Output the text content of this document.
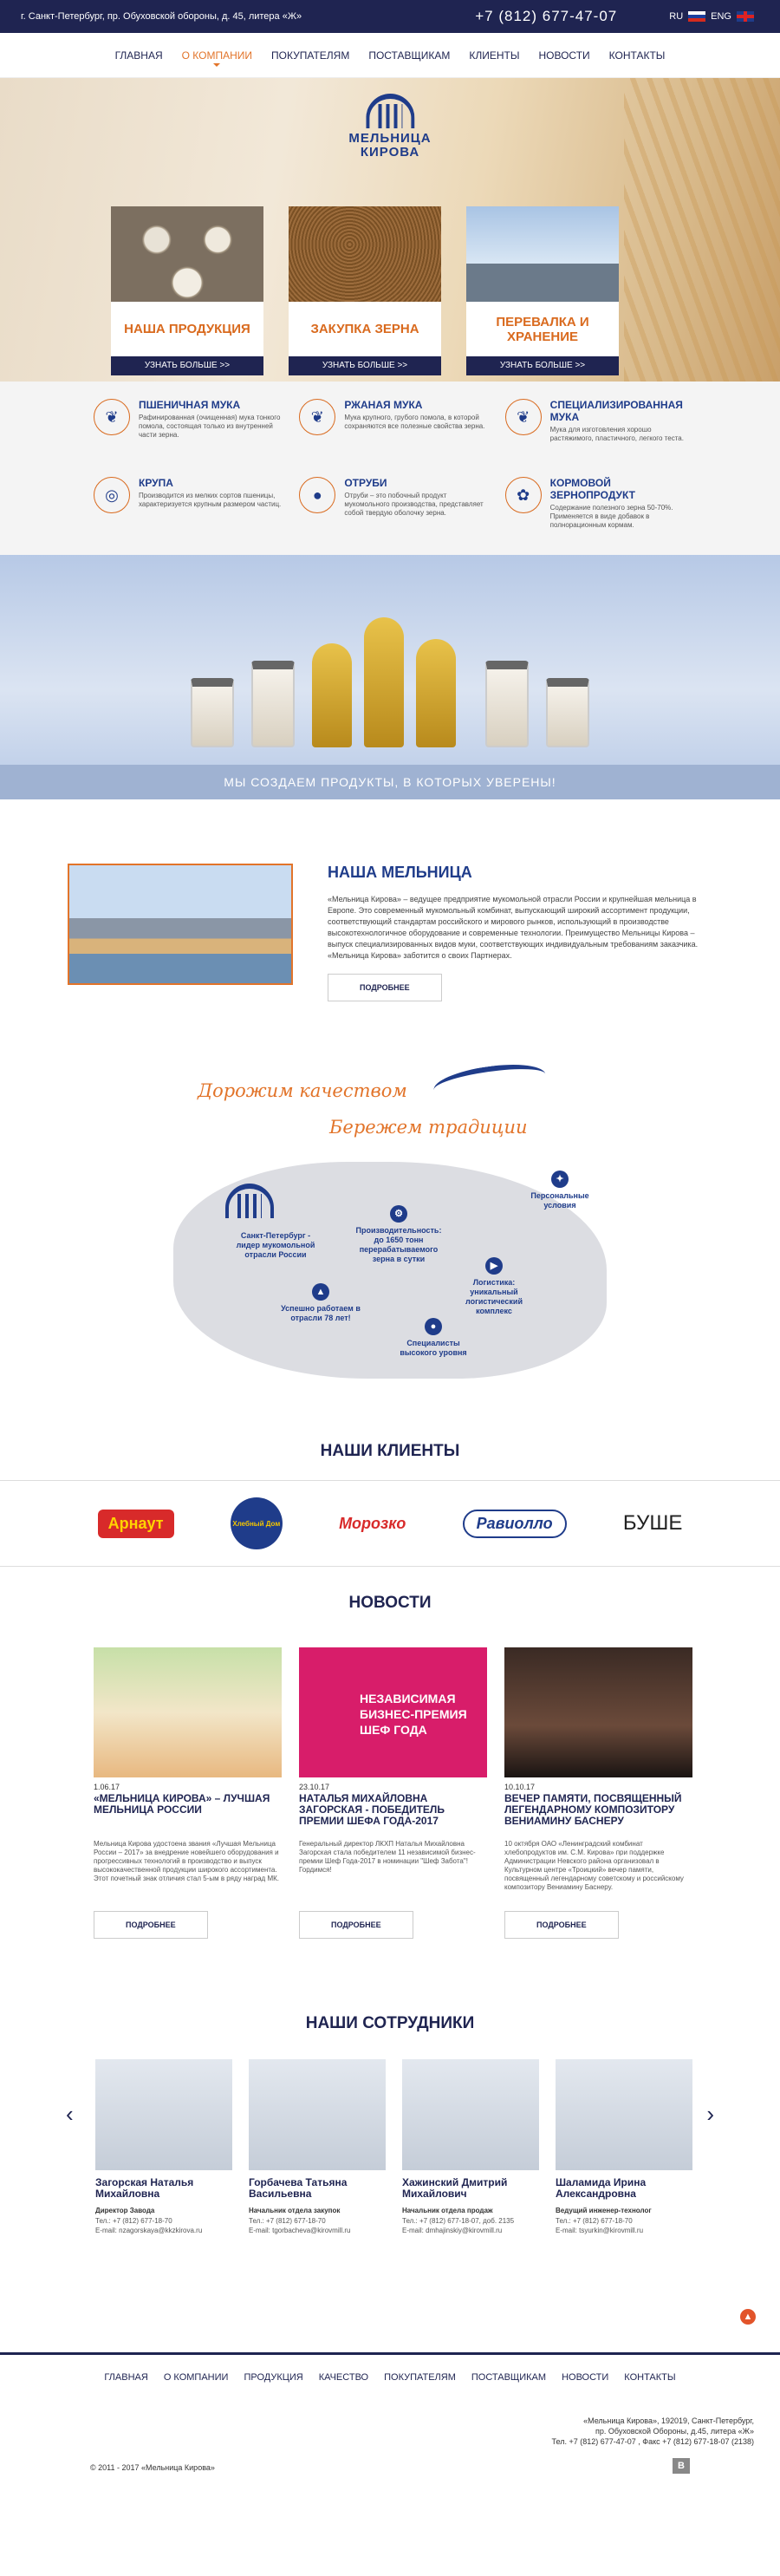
г. Санкт-Петербург, пр. Обуховской обороны, д. 45, литера «Ж»	+7 (812) 677-47-07	RU	ENG
ГЛАВНАЯ	О КОМПАНИИ	ПОКУПАТЕЛЯМ	ПОСТАВЩИКАМ	КЛИЕНТЫ	НОВОСТИ	КОНТАКТЫ
МЕЛЬНИЦА
КИРОВА
НАША ПРОДУКЦИЯ
УЗНАТЬ БОЛЬШЕ >>
ЗАКУПКА ЗЕРНА
УЗНАТЬ БОЛЬШЕ >>
ПЕРЕВАЛКА И ХРАНЕНИЕ
УЗНАТЬ БОЛЬШЕ >>
❦
ПШЕНИЧНАЯ МУКА

Рафинированная (очищенная) мука тонкого помола, состоящая только из внутренней части зерна.

❦
РЖАНАЯ МУКА

Мука крупного, грубого помола, в которой сохраняются все полезные свойства зерна.

❦
СПЕЦИАЛИЗИРОВАННАЯ МУКА

Мука для изготовления хорошо растяжимого, пластичного, легкого теста.

◎
КРУПА

Производится из мелких сортов пшеницы, характеризуется крупным размером частиц.

●
ОТРУБИ

Отруби – это побочный продукт мукомольного производства, представляет собой твердую оболочку зерна.

✿
КОРМОВОЙ ЗЕРНОПРОДУКТ

Содержание полезного зерна 50-70%. Применяется в виде добавок в полнорационным кормам.

МЫ СОЗДАЕМ ПРОДУКТЫ, В КОТОРЫХ УВЕРЕНЫ!
НАША МЕЛЬНИЦА

«Мельница Кирова» – ведущее предприятие мукомольной отрасли России и крупнейшая мельница в Европе. Это современный мукомольный комбинат, выпускающий широкий ассортимент продукции, соответствующий стандартам российского и мирового рынков, использующий в производстве высокотехнологичное оборудование и современные технологии. Преимущество Мельницы Кирова – выпуск специализированных видов муки, соответствующих индивидуальным требованиям заказчика. «Мельница Кирова» заботится о своих Партнерах.

ПОДРОБНЕЕ
Дорожим качеством
Бережем традиции
Санкт-Петербург - лидер мукомольной отрасли России
⚙
Производительность: до 1650 тонн перерабатываемого зерна в сутки
✦
Персональные условия
▶
Логистика: уникальный логистический комплекс
▲
Успешно работаем в отрасли 78 лет!
●
Специалисты высокого уровня
НАШИ КЛИЕНТЫ
Арнаут	Хлебный Дом	Морозко	Равиолло	БУШЕ
НОВОСТИ
1.06.17
«МЕЛЬНИЦА КИРОВА» – ЛУЧШАЯ МЕЛЬНИЦА РОССИИ

Мельница Кирова удостоена звания «Лучшая Мельница России – 2017» за внедрение новейшего оборудования и прогрессивных технологий в производство и выпуск высококачественной продукции широкого ассортимента. Этот почетный знак отличия стал 5-ым в ряду наград МК.

ПОДРОБНЕЕ
НЕЗАВИСИМАЯ БИЗНЕС-ПРЕМИЯ ШЕФ ГОДА
23.10.17
НАТАЛЬЯ МИХАЙЛОВНА ЗАГОРСКАЯ - ПОБЕДИТЕЛЬ ПРЕМИИ ШЕФА ГОДА-2017

Генеральный директор ЛКХП Наталья Михайловна Загорская стала победителем 11 независимой бизнес-премии Шеф Года-2017 в номинации "Шеф Забота"! Гордимся!

ПОДРОБНЕЕ
10.10.17
ВЕЧЕР ПАМЯТИ, ПОСВЯЩЕННЫЙ ЛЕГЕНДАРНОМУ КОМПОЗИТОРУ ВЕНИАМИНУ БАСНЕРУ

10 октября ОАО «Ленинградский комбинат хлебопродуктов им. С.М. Кирова» при поддержке Администрации Невского района организовал в Культурном центре «Троицкий» вечер памяти, посвященный легендарному советскому и российскому композитору Вениамину Баснеру.

ПОДРОБНЕЕ
НАШИ СОТРУДНИКИ
‹	›
Загорская Наталья Михайловна
Директор Завода
Тел.: +7 (812) 677-18-70
E-mail: nzagorskaya@kkzkirova.ru
Горбачева Татьяна Васильевна
Начальник отдела закупок
Тел.: +7 (812) 677-18-70
E-mail: tgorbacheva@kirovmill.ru
Хажинский Дмитрий Михайлович
Начальник отдела продаж
Тел.: +7 (812) 677-18-07, доб. 2135
E-mail: dmhajinskiy@kirovmill.ru
Шаламида Ирина Александровна
Ведущий инженер-технолог
Тел.: +7 (812) 677-18-70
E-mail: tsyurkin@kirovmill.ru
▲
ГЛАВНАЯ О КОМПАНИИ ПРОДУКЦИЯ КАЧЕСТВО ПОКУПАТЕЛЯМ ПОСТАВЩИКАМ НОВОСТИ КОНТАКТЫ
«Мельница Кирова», 192019, Санкт-Петербург,
пр. Обуховской Обороны, д.45, литера «Ж»
Тел. +7 (812) 677-47-07 , Факс +7 (812) 677-18-07 (2138)
© 2011 - 2017 «Мельница Кирова»	В
